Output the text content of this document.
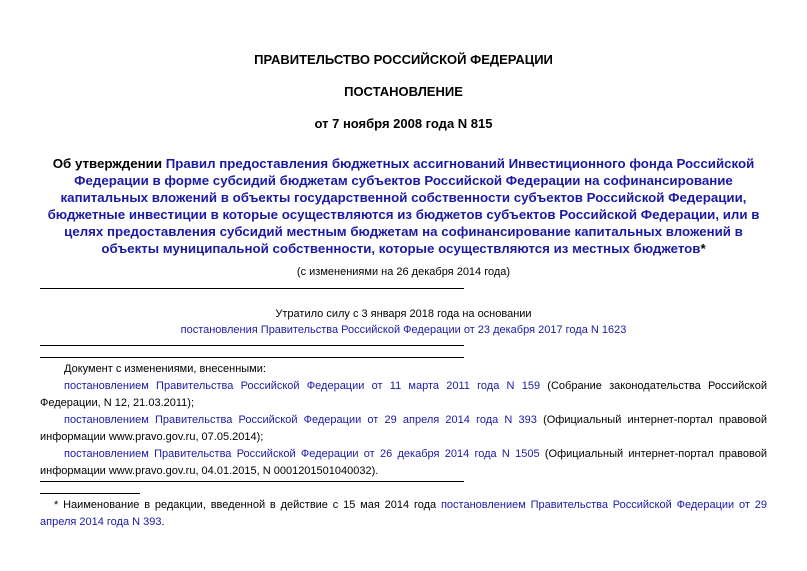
ПРАВИТЕЛЬСТВО РОССИЙСКОЙ ФЕДЕРАЦИИ
ПОСТАНОВЛЕНИЕ
от 7 ноября 2008 года N 815
Об утверждении Правил предоставления бюджетных ассигнований Инвестиционного фонда Российской Федерации в форме субсидий бюджетам субъектов Российской Федерации на софинансирование капитальных вложений в объекты государственной собственности субъектов Российской Федерации, бюджетные инвестиции в которые осуществляются из бюджетов субъектов Российской Федерации, или в целях предоставления субсидий местным бюджетам на софинансирование капитальных вложений в объекты муниципальной собственности, которые осуществляются из местных бюджетов*
(с изменениями на 26 декабря 2014 года)
Утратило силу с 3 января 2018 года на основании
постановления Правительства Российской Федерации от 23 декабря 2017 года N 1623
Документ с изменениями, внесенными:
постановлением Правительства Российской Федерации от 11 марта 2011 года N 159 (Собрание законодательства Российской Федерации, N 12, 21.03.2011);
постановлением Правительства Российской Федерации от 29 апреля 2014 года N 393 (Официальный интернет-портал правовой информации www.pravo.gov.ru, 07.05.2014);
постановлением Правительства Российской Федерации от 26 декабря 2014 года N 1505 (Официальный интернет-портал правовой информации www.pravo.gov.ru, 04.01.2015, N 0001201501040032).
* Наименование в редакции, введенной в действие с 15 мая 2014 года постановлением Правительства Российской Федерации от 29 апреля 2014 года N 393.
